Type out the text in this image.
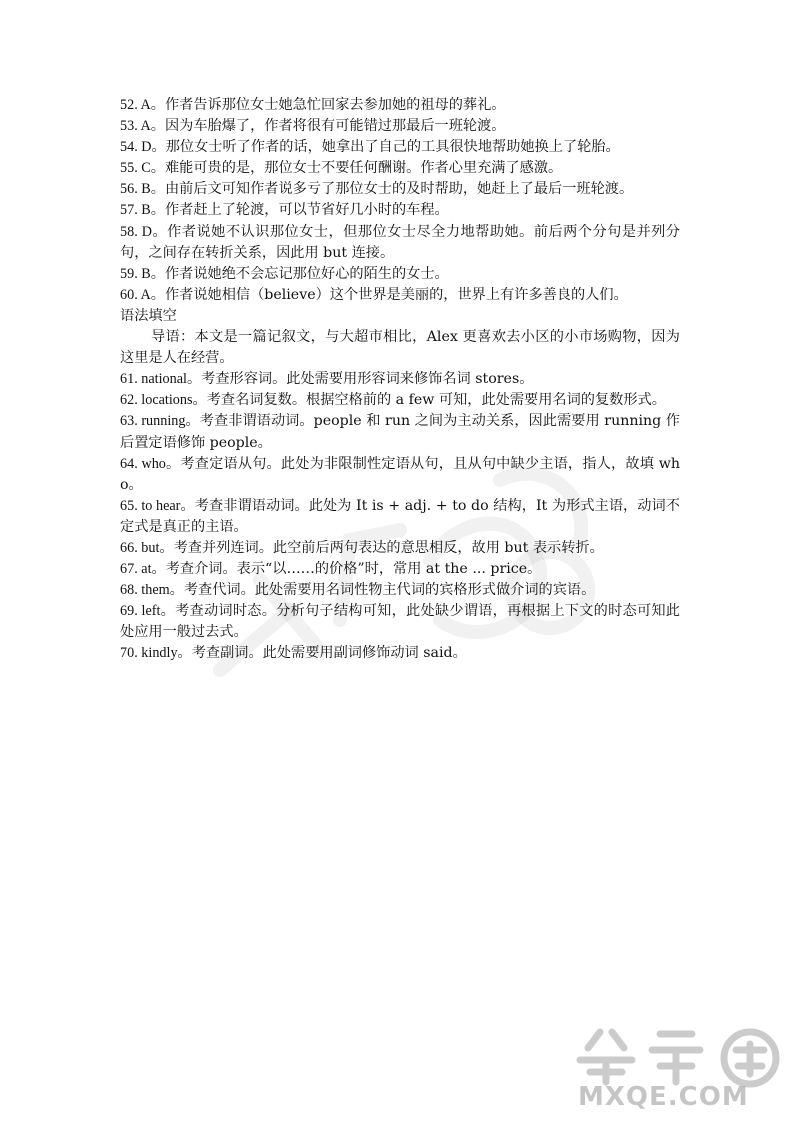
52. A。作者告诉那位女士她急忙回家去参加她的祖母的葬礼。

53. A。因为车胎爆了，作者将很有可能错过那最后一班轮渡。

54. D。那位女士听了作者的话，她拿出了自己的工具很快地帮助她换上了轮胎。

55. C。难能可贵的是，那位女士不要任何酬谢。作者心里充满了感激。

56. B。由前后文可知作者说多亏了那位女士的及时帮助，她赶上了最后一班轮渡。

57. B。作者赶上了轮渡，可以节省好几小时的车程。

58. D。作者说她不认识那位女士，但那位女士尽全力地帮助她。前后两个分句是并列分句，之间存在转折关系，因此用 but 连接。

59. B。作者说她绝不会忘记那位好心的陌生的女士。

60. A。作者说她相信（believe）这个世界是美丽的，世界上有许多善良的人们。

语法填空

导语：本文是一篇记叙文，与大超市相比，Alex 更喜欢去小区的小市场购物，因为这里是人在经营。

61. national。考查形容词。此处需要用形容词来修饰名词 stores。

62. locations。考查名词复数。根据空格前的 a few 可知，此处需要用名词的复数形式。

63. running。考查非谓语动词。people 和 run 之间为主动关系，因此需要用 running 作后置定语修饰 people。

64. who。考查定语从句。此处为非限制性定语从句，且从句中缺少主语，指人，故填 who。

65. to hear。考查非谓语动词。此处为 It is + adj. + to do 结构，It 为形式主语，动词不定式是真正的主语。

66. but。考查并列连词。此空前后两句表达的意思相反，故用 but 表示转折。

67. at。考查介词。表示“以……的价格”时，常用 at the ... price。

68. them。考查代词。此处需要用名词性物主代词的宾格形式做介词的宾语。

69. left。考查动词时态。分析句子结构可知，此处缺少谓语，再根据上下文的时态可知此处应用一般过去式。

70. kindly。考查副词。此处需要用副词修饰动词 said。

MXQE.COM
